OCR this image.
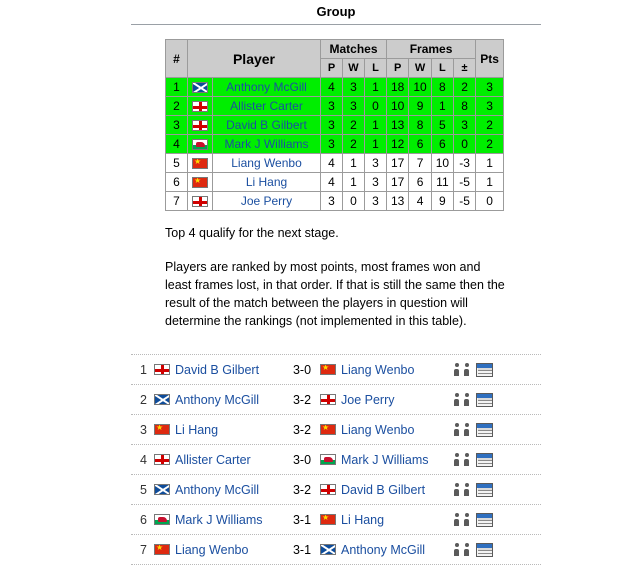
Group
#	Player		Matches			Frames				Pts
			P	W	L	P	W	L	±	
1		Anthony McGill	4	3	1	18	10	8	2	3
2		Allister Carter	3	3	0	10	9	1	8	3
3		David B Gilbert	3	2	1	13	8	5	3	2
4		Mark J Williams	3	2	1	12	6	6	0	2
5	★	Liang Wenbo	4	1	3	17	7	10	-3	1
6	★	Li Hang	4	1	3	17	6	11	-5	1
7		Joe Perry	3	0	3	13	4	9	-5	0
Top 4 qualify for the next stage.
Players are ranked by most points, most frames won and least frames lost, in that order. If that is still the same then the result of the match between the players in question will determine the rankings (not implemented in this table).
1 David B Gilbert	3-0 ★	Liang Wenbo
2 Anthony McGill	3-2	Joe Perry
3 ★ Li Hang	3-2 ★	Liang Wenbo
4 Allister Carter	3-0	Mark J Williams
5 Anthony McGill	3-2	David B Gilbert
6 Mark J Williams	3-1 ★	Li Hang
7 ★ Liang Wenbo	3-1	Anthony McGill
